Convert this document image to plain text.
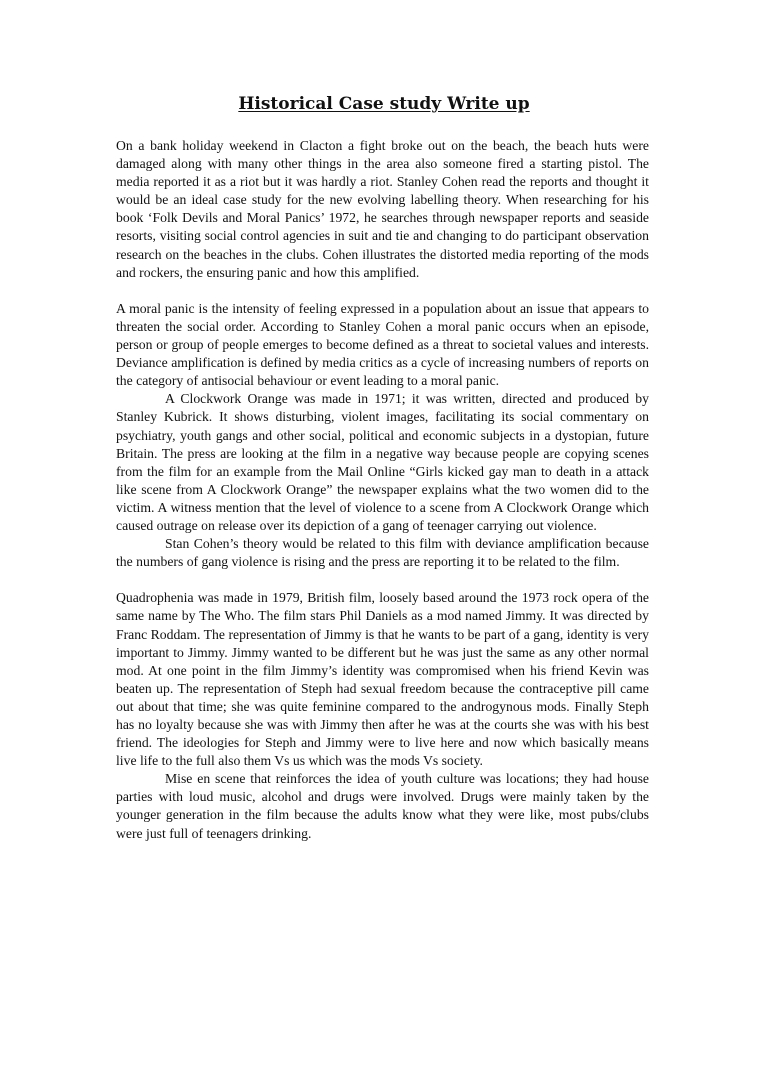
Historical Case study Write up

On a bank holiday weekend in Clacton a fight broke out on the beach, the beach huts were damaged along with many other things in the area also someone fired a starting pistol. The media reported it as a riot but it was hardly a riot. Stanley Cohen read the reports and thought it would be an ideal case study for the new evolving labelling theory. When researching for his book ‘Folk Devils and Moral Panics’ 1972, he searches through newspaper reports and seaside resorts, visiting social control agencies in suit and tie and changing to do participant observation research on the beaches in the clubs. Cohen illustrates the distorted media reporting of the mods and rockers, the ensuring panic and how this amplified.

A moral panic is the intensity of feeling expressed in a population about an issue that appears to threaten the social order. According to Stanley Cohen a moral panic occurs when an episode, person or group of people emerges to become defined as a threat to societal values and interests. Deviance amplification is defined by media critics as a cycle of increasing numbers of reports on the category of antisocial behaviour or event leading to a moral panic.

A Clockwork Orange was made in 1971; it was written, directed and produced by Stanley Kubrick. It shows disturbing, violent images, facilitating its social commentary on psychiatry, youth gangs and other social, political and economic subjects in a dystopian, future Britain. The press are looking at the film in a negative way because people are copying scenes from the film for an example from the Mail Online “Girls kicked gay man to death in a attack like scene from A Clockwork Orange” the newspaper explains what the two women did to the victim. A witness mention that the level of violence to a scene from A Clockwork Orange which caused outrage on release over its depiction of a gang of teenager carrying out violence.

Stan Cohen’s theory would be related to this film with deviance amplification because the numbers of gang violence is rising and the press are reporting it to be related to the film.

Quadrophenia was made in 1979, British film, loosely based around the 1973 rock opera of the same name by The Who. The film stars Phil Daniels as a mod named Jimmy. It was directed by Franc Roddam. The representation of Jimmy is that he wants to be part of a gang, identity is very important to Jimmy. Jimmy wanted to be different but he was just the same as any other normal mod. At one point in the film Jimmy’s identity was compromised when his friend Kevin was beaten up. The representation of Steph had sexual freedom because the contraceptive pill came out about that time; she was quite feminine compared to the androgynous mods. Finally Steph has no loyalty because she was with Jimmy then after he was at the courts she was with his best friend. The ideologies for Steph and Jimmy were to live here and now which basically means live life to the full also them Vs us which was the mods Vs society.

Mise en scene that reinforces the idea of youth culture was locations; they had house parties with loud music, alcohol and drugs were involved. Drugs were mainly taken by the younger generation in the film because the adults know what they were like, most pubs/clubs were just full of teenagers drinking.
